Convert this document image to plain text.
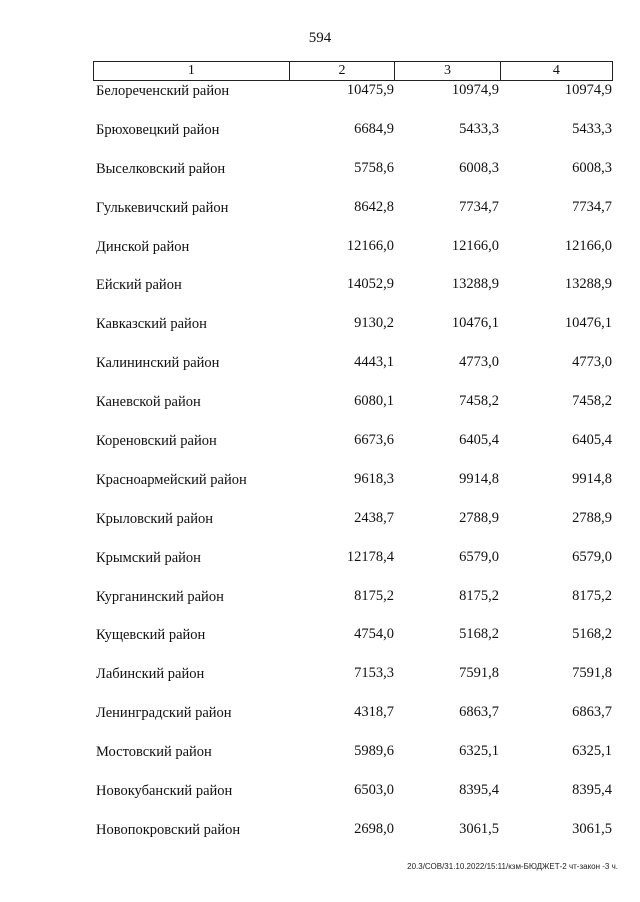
594
1	2	3	4
Белореченский район	10475,9	10974,9	10974,9
Брюховецкий район	6684,9	5433,3	5433,3
Выселковский район	5758,6	6008,3	6008,3
Гулькевичский район	8642,8	7734,7	7734,7
Динской район	12166,0	12166,0	12166,0
Ейский район	14052,9	13288,9	13288,9
Кавказский район	9130,2	10476,1	10476,1
Калининский район	4443,1	4773,0	4773,0
Каневской район	6080,1	7458,2	7458,2
Кореновский район	6673,6	6405,4	6405,4
Красноармейский район	9618,3	9914,8	9914,8
Крыловский район	2438,7	2788,9	2788,9
Крымский район	12178,4	6579,0	6579,0
Курганинский район	8175,2	8175,2	8175,2
Кущевский район	4754,0	5168,2	5168,2
Лабинский район	7153,3	7591,8	7591,8
Ленинградский район	4318,7	6863,7	6863,7
Мостовский район	5989,6	6325,1	6325,1
Новокубанский район	6503,0	8395,4	8395,4
Новопокровский район	2698,0	3061,5	3061,5
20.3/СОВ/31.10.2022/15:11/кзм-БЮДЖЕТ-2 чт-закон -3 ч.
